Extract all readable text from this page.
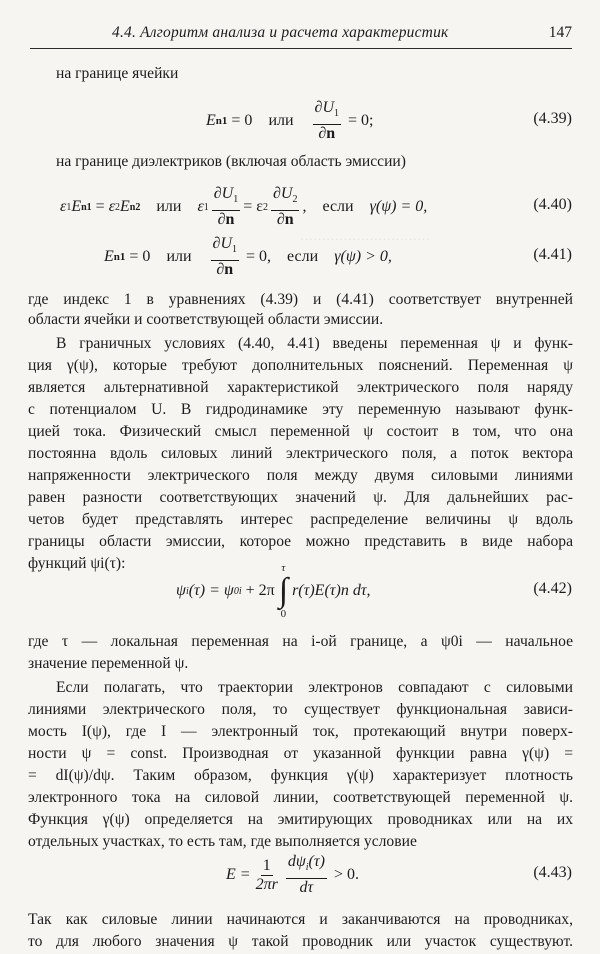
…………………………
4.4. Алгоритм анализа и расчета характеристик	147
на границе ячейки
E n1
= 0 или $\frac{\partial U_1}{\partial n}$
= 0;	(4.39)
на границе диэлектриков (включая область эмиссии)
ε 1 E n1
=
ε 2 E n2 или ε $1 \frac{\partial U_1}{\partial n} = \varepsilon$ $2 \frac{\partial U_2}{\partial n}$ , если γ(ψ) = 0,	(4.40)
E n1
= 0 или $\frac{\partial U_1}{\partial n}$
= 0, если γ(ψ) > 0,	(4.41)
где индекс 1 в уравнениях (4.39) и (4.41) соответствует внутренней
области ячейки и соответствующей области эмиссии.
В граничных условиях (4.40, 4.41) введены переменная ψ и функ-
ция γ(ψ), которые требуют дополнительных пояснений. Переменная ψ
является альтернативной характеристикой электрического поля наряду
с потенциалом U. В гидродинамике эту переменную называют функ-
цией тока. Физический смысл переменной ψ состоит в том, что она
постоянна вдоль силовых линий электрического поля, а поток вектора
напряженности электрического поля между двумя силовыми линиями
равен разности соответствующих значений ψ. Для дальнейших рас-
четов будет представлять интерес распределение величины ψ вдоль
границы области эмиссии, которое можно представить в виде набора
функций ψi(τ):
ψ i (τ) = ψ 0i
+ 2π
τ
∫
0
r(τ)E(τ)n dτ,	(4.42)
где τ — локальная переменная на i-ой границе, а ψ0i — начальное
значение переменной ψ.
Если полагать, что траектории электронов совпадают с силовыми
линиями электрического поля, то существует функциональная зависи-
мость I(ψ), где I — электронный ток, протекающий внутри поверх-
ности ψ = const. Производная от указанной функции равна γ(ψ) =
= dI(ψ)/dψ. Таким образом, функция γ(ψ) характеризует плотность
электронного тока на силовой линии, соответствующей переменной ψ.
Функция γ(ψ) определяется на эмитирующих проводниках или на их
отдельных участках, то есть там, где выполняется условие
$E = \frac{1}{2\pi r} \frac{d\psi_i(\tau)}{d\tau}$
> 0.	(4.43)
Так как силовые линии начинаются и заканчиваются на проводниках,
то для любого значения ψ такой проводник или участок существуют.
